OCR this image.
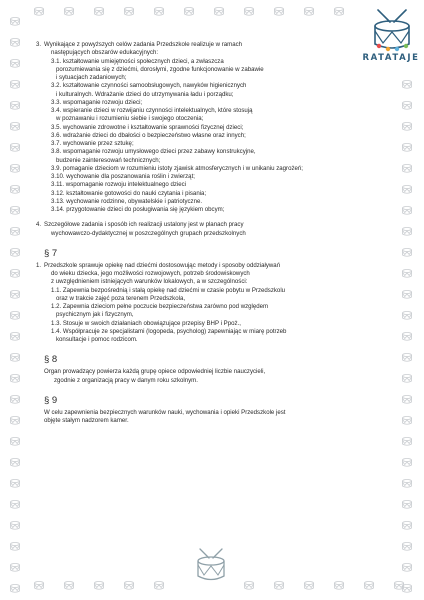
RATATAJE
3. Wynikające z powyższych celów zadania Przedszkole realizuje w ramach
następujących obszarów edukacyjnych:
3.1. kształtowanie umiejętności społecznych dzieci, a zwłaszcza
porozumiewania się z dziećmi, dorosłymi, zgodne funkcjonowanie w zabawie
i sytuacjach zadaniowych;
3.2. kształtowanie czynności samoobsługowych, nawyków higienicznych
i kulturalnych. Wdrażanie dzieci do utrzymywania ładu i porządku;
3.3. wspomaganie rozwoju dzieci;
3.4. wspieranie dzieci w rozwijaniu czynności intelektualnych, które stosują
w poznawaniu i rozumieniu siebie i swojego otoczenia;
3.5. wychowanie zdrowotne i kształtowanie sprawności fizycznej dzieci;
3.6. wdrażanie dzieci do dbałości o bezpieczeństwo własne oraz innych;
3.7. wychowanie przez sztukę;
3.8. wspomaganie rozwoju umysłowego dzieci przez zabawy konstrukcyjne,
budzenie zainteresowań technicznych;
3.9. pomaganie dzieciom w rozumieniu istoty zjawisk atmosferycznych i w unikaniu zagrożeń;
3.10. wychowanie dla poszanowania roślin i zwierząt;
3.11. wspomaganie rozwoju intelektualnego dzieci
3.12. kształtowanie gotowości do nauki czytania i pisania;
3.13. wychowanie rodzinne, obywatelskie i patriotyczne.
3.14. przygotowanie dzieci do posługiwania się językiem obcym;
4. Szczegółowe zadania i sposób ich realizacji ustalony jest w planach pracy
wychowawczo-dydaktycznej w poszczególnych grupach przedszkolnych
§ 7
1. Przedszkole sprawuje opiekę nad dziećmi dostosowując metody i sposoby oddziaływań
do wieku dziecka, jego możliwości rozwojowych, potrzeb środowiskowych
z uwzględnieniem istniejących warunków lokalowych, a w szczególności:
1.1. Zapewnia bezpośrednią i stałą opiekę nad dziećmi w czasie pobytu w Przedszkolu
oraz w trakcie zajęć poza terenem Przedszkola,
1.2. Zapewnia dzieciom pełne poczucie bezpieczeństwa zarówno pod względem
psychicznym jak i fizycznym,
1.3. Stosuje w swoich działaniach obowiązujące przepisy BHP i Ppoż.,
1.4. Współpracuje ze specjalistami (logopeda, psycholog) zapewniając w miarę potrzeb
konsultacje i pomoc rodzicom.
§ 8
Organ prowadzący powierza każdą grupę opiece odpowiedniej liczbie nauczycieli,
zgodnie z organizacją pracy w danym roku szkolnym.
§ 9
W celu zapewnienia bezpiecznych warunków nauki, wychowania i opieki Przedszkole jest
objęte stałym nadzorem kamer.
